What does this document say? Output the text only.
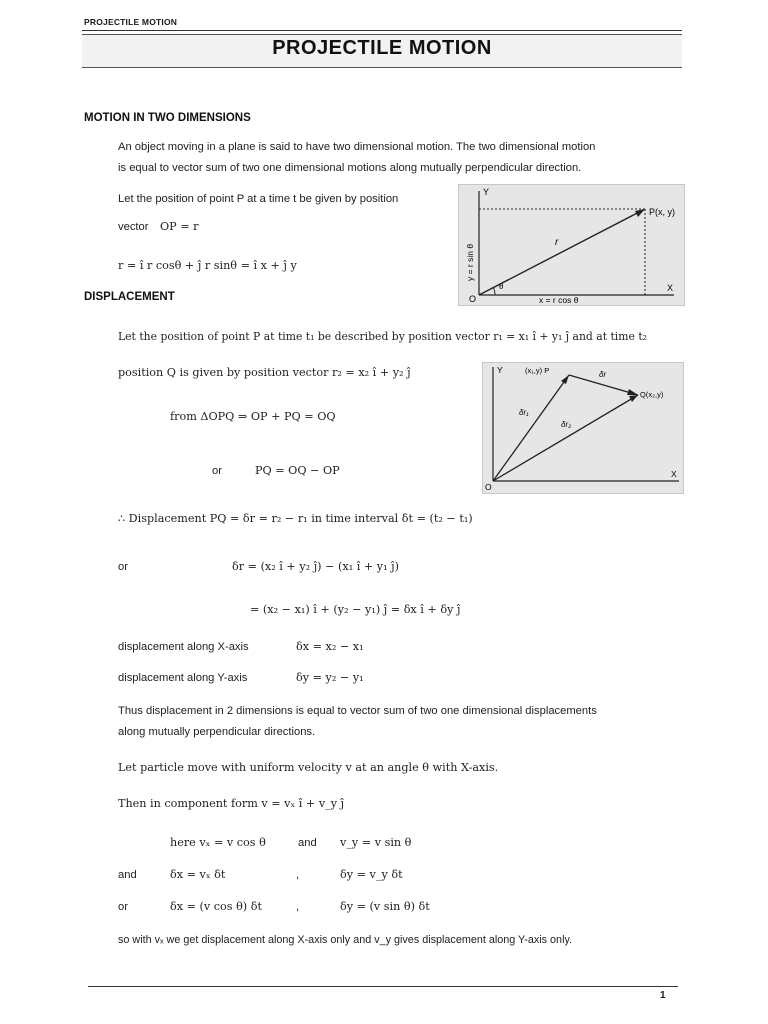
PROJECTILE MOTION
PROJECTILE MOTION
MOTION IN TWO DIMENSIONS
An object moving in a plane is said to have two dimensional motion. The two dimensional motion
is equal to vector sum of two one dimensional motions along mutually perpendicular direction.
Let the position of point P at a time t be given by position
vector OP = r
r = î r cosθ + ĵ r sinθ = î x + ĵ y
Y
X
O
P(x, y)
r
θ
x = r cos θ
y = r sin θ
DISPLACEMENT
Let the position of point P at time t₁ be described by position vector r₁ = x₁ î + y₁ ĵ and at time t₂
position Q is given by position vector r₂ = x₂ î + y₂ ĵ
from ΔOPQ ⇒ OP + PQ = OQ
or	PQ = OQ − OP
Y
X
O
(x₁,y) P
Q(x₂,y)
δr
δr₁
δr₂
∴ Displacement PQ = δr = r₂ − r₁ in time interval δt = (t₂ − t₁)
or	δr = (x₂ î + y₂ ĵ) − (x₁ î + y₁ ĵ)
= (x₂ − x₁) î + (y₂ − y₁) ĵ = δx î + δy ĵ
displacement along X-axis	δx = x₂ − x₁
displacement along Y-axis	δy = y₂ − y₁
Thus displacement in 2 dimensions is equal to vector sum of two one dimensional displacements
along mutually perpendicular directions.
Let particle move with uniform velocity v at an angle θ with X-axis.
Then in component form v = vₓ î + v_y ĵ
here vₓ = v cos θ	and v_y = v sin θ
and	δx = vₓ δt	,	δy = v_y δt
or	δx = (v cos θ) δt	,	δy = (v sin θ) δt
so with vₓ we get displacement along X-axis only and v_y gives displacement along Y-axis only.
1
